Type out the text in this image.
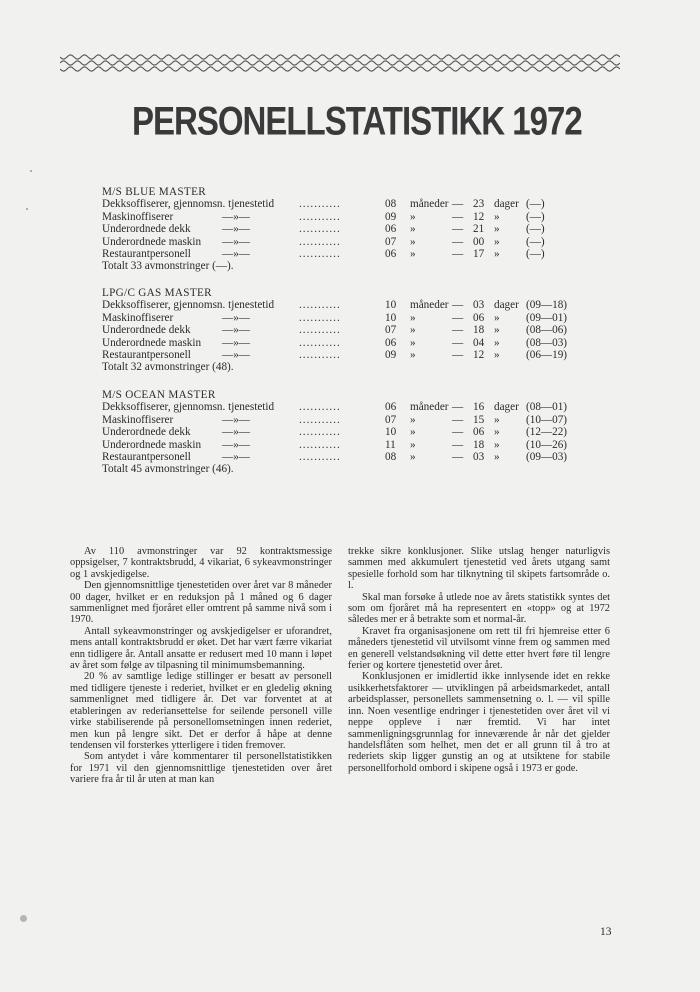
PERSONELLSTATISTIKK 1972
M/S BLUE MASTER
Dekksoffiserer, gjennomsn. tjenestetid ...........	08 måneder — 23 dager (—)
Maskinoffiserer	—»—	...........	09 »	— 12 » (—)
Underordnede dekk	—»—	...........	06 »	— 21 » (—)
Underordnede maskin —»—	...........	07 »	— 00 » (—)
Restaurantpersonell	—»—	...........	06 »	— 17 » (—)
Totalt 33 avmonstringer (—).
LPG/C GAS MASTER
Dekksoffiserer, gjennomsn. tjenestetid ...........	10 måneder — 03 dager (09—18)
Maskinoffiserer	—»—	...........	10 »	— 06 » (09—01)
Underordnede dekk	—»—	...........	07 »	— 18 » (08—06)
Underordnede maskin —»—	...........	06 »	— 04 » (08—03)
Restaurantpersonell	—»—	...........	09 »	— 12 » (06—19)
Totalt 32 avmonstringer (48).
M/S OCEAN MASTER
Dekksoffiserer, gjennomsn. tjenestetid ...........	06 måneder — 16 dager (08—01)
Maskinoffiserer	—»—	...........	07 »	— 15 » (10—07)
Underordnede dekk	—»—	...........	10 »	— 06 » (12—22)
Underordnede maskin —»—	...........	11 »	— 18 » (10—26)
Restaurantpersonell	—»—	...........	08 »	— 03 » (09—03)
Totalt 45 avmonstringer (46).

Av 110 avmonstringer var 92 kontraktsmessige oppsigelser, 7 kontraktsbrudd, 4 vikariat, 6 sykeavmonstringer og 1 avskjedigelse.

Den gjennomsnittlige tjenestetiden over året var 8 måneder 00 dager, hvilket er en reduksjon på 1 måned og 6 dager sammenlignet med fjoråret eller omtrent på samme nivå som i 1970.

Antall sykeavmonstringer og avskjedigelser er uforandret, mens antall kontraktsbrudd er øket. Det har vært færre vikariat enn tidligere år. Antall ansatte er redusert med 10 mann i løpet av året som følge av tilpasning til minimumsbemanning.

20 % av samtlige ledige stillinger er besatt av personell med tidligere tjeneste i rederiet, hvilket er en gledelig økning sammenlignet med tidligere år. Det var forventet at at etableringen av rederiansettelse for seilende personell ville virke stabiliserende på personellomsetningen innen rederiet, men kun på lengre sikt. Det er derfor å håpe at denne tendensen vil forsterkes ytterligere i tiden fremover.

Som antydet i våre kommentarer til personellstatistikken for 1971 vil den gjennomsnittlige tjenestetiden over året variere fra år til år uten at man kan

trekke sikre konklusjoner. Slike utslag henger naturligvis sammen med akkumulert tjenestetid ved årets utgang samt spesielle forhold som har tilknytning til skipets fartsområde o. l.

Skal man forsøke å utlede noe av årets statistikk syntes det som om fjoråret må ha representert en «topp» og at 1972 således mer er å betrakte som et normal-år.

Kravet fra organisasjonene om rett til fri hjemreise etter 6 måneders tjenestetid vil utvilsomt vinne frem og sammen med en generell velstandsøkning vil dette etter hvert føre til lengre ferier og kortere tjenestetid over året.

Konklusjonen er imidlertid ikke innlysende idet en rekke usikkerhetsfaktorer — utviklingen på arbeidsmarkedet, antall arbeidsplasser, personellets sammensetning o. l. — vil spille inn. Noen vesentlige endringer i tjenestetiden over året vil vi neppe oppleve i nær fremtid. Vi har intet sammenligningsgrunnlag for inneværende år når det gjelder handelsflåten som helhet, men det er all grunn til å tro at rederiets skip ligger gunstig an og at utsiktene for stabile personellforhold ombord i skipene også i 1973 er gode.

13
